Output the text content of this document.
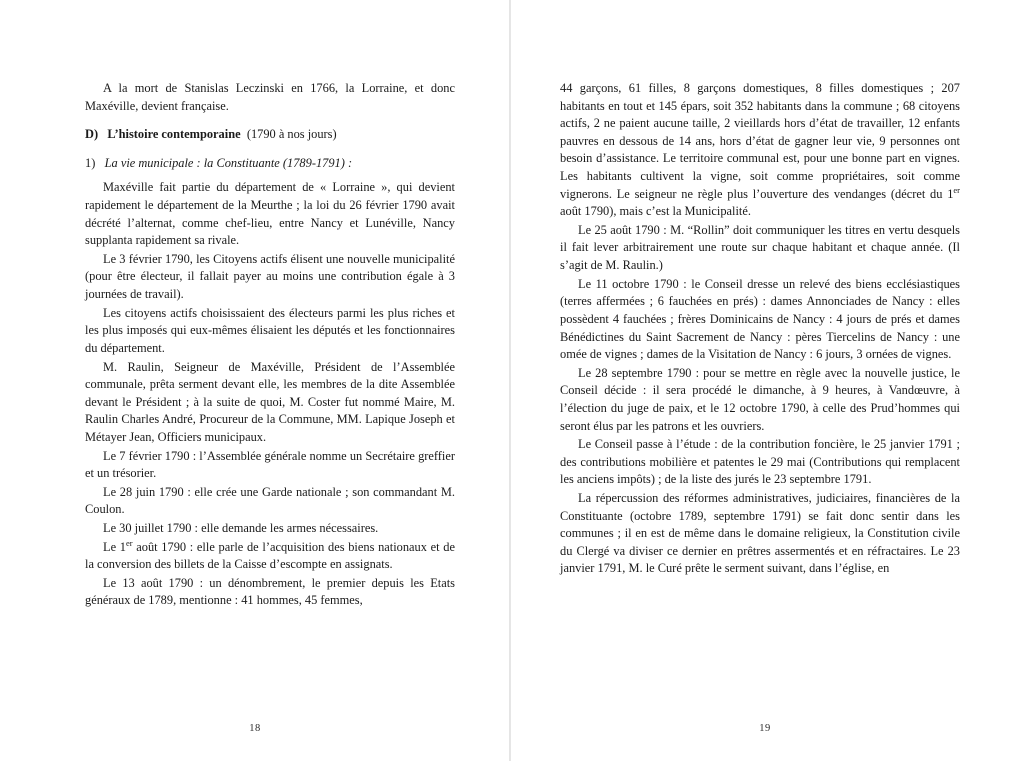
A la mort de Stanislas Leczinski en 1766, la Lorraine, et donc Maxéville, devient française.

D) L’histoire contemporaine (1790 à nos jours)

1) La vie municipale : la Constituante (1789-1791) :

Maxéville fait partie du département de « Lorraine », qui devient rapidement le département de la Meurthe ; la loi du 26 février 1790 avait décrété l’alternat, comme chef-lieu, entre Nancy et Lunéville, Nancy supplanta rapidement sa rivale.

Le 3 février 1790, les Citoyens actifs élisent une nouvelle municipalité (pour être électeur, il fallait payer au moins une contribution égale à 3 journées de travail).

Les citoyens actifs choisissaient des électeurs parmi les plus riches et les plus imposés qui eux-mêmes élisaient les députés et les fonctionnaires du département.

M. Raulin, Seigneur de Maxéville, Président de l’Assemblée communale, prêta serment devant elle, les membres de la dite Assemblée devant le Président ; à la suite de quoi, M. Coster fut nommé Maire, M. Raulin Charles André, Procureur de la Commune, MM. Lapique Joseph et Métayer Jean, Officiers municipaux.

Le 7 février 1790 : l’Assemblée générale nomme un Secrétaire greffier et un trésorier.

Le 28 juin 1790 : elle crée une Garde nationale ; son commandant M. Coulon.

Le 30 juillet 1790 : elle demande les armes nécessaires.

Le 1er août 1790 : elle parle de l’acquisition des biens nationaux et de la conversion des billets de la Caisse d’escompte en assignats.

Le 13 août 1790 : un dénombrement, le premier depuis les Etats généraux de 1789, mentionne : 41 hommes, 45 femmes,

18

44 garçons, 61 filles, 8 garçons domestiques, 8 filles domestiques ; 207 habitants en tout et 145 épars, soit 352 habitants dans la commune ; 68 citoyens actifs, 2 ne paient aucune taille, 2 vieillards hors d’état de travailler, 12 enfants pauvres en dessous de 14 ans, hors d’état de gagner leur vie, 9 personnes ont besoin d’assistance. Le territoire communal est, pour une bonne part en vignes. Les habitants cultivent la vigne, soit comme propriétaires, soit comme vignerons. Le seigneur ne règle plus l’ouverture des vendanges (décret du 1er août 1790), mais c’est la Municipalité.

Le 25 août 1790 : M. “Rollin” doit communiquer les titres en vertu desquels il fait lever arbitrairement une route sur chaque habitant et chaque année. (Il s’agit de M. Raulin.)

Le 11 octobre 1790 : le Conseil dresse un relevé des biens ecclésiastiques (terres affermées ; 6 fauchées en prés) : dames Annonciades de Nancy : elles possèdent 4 fauchées ; frères Dominicains de Nancy : 4 jours de prés et dames Bénédictines du Saint Sacrement de Nancy : pères Tiercelins de Nancy : une omée de vignes ; dames de la Visitation de Nancy : 6 jours, 3 ornées de vignes.

Le 28 septembre 1790 : pour se mettre en règle avec la nouvelle justice, le Conseil décide : il sera procédé le dimanche, à 9 heures, à Vandœuvre, à l’élection du juge de paix, et le 12 octobre 1790, à celle des Prud’hommes qui seront élus par les patrons et les ouvriers.

Le Conseil passe à l’étude : de la contribution foncière, le 25 janvier 1791 ; des contributions mobilière et patentes le 29 mai (Contributions qui remplacent les anciens impôts) ; de la liste des jurés le 23 septembre 1791.

La répercussion des réformes administratives, judiciaires, financières de la Constituante (octobre 1789, septembre 1791) se fait donc sentir dans les communes ; il en est de même dans le domaine religieux, la Constitution civile du Clergé va diviser ce dernier en prêtres assermentés et en réfractaires. Le 23 janvier 1791, M. le Curé prête le serment suivant, dans l’église, en

19
